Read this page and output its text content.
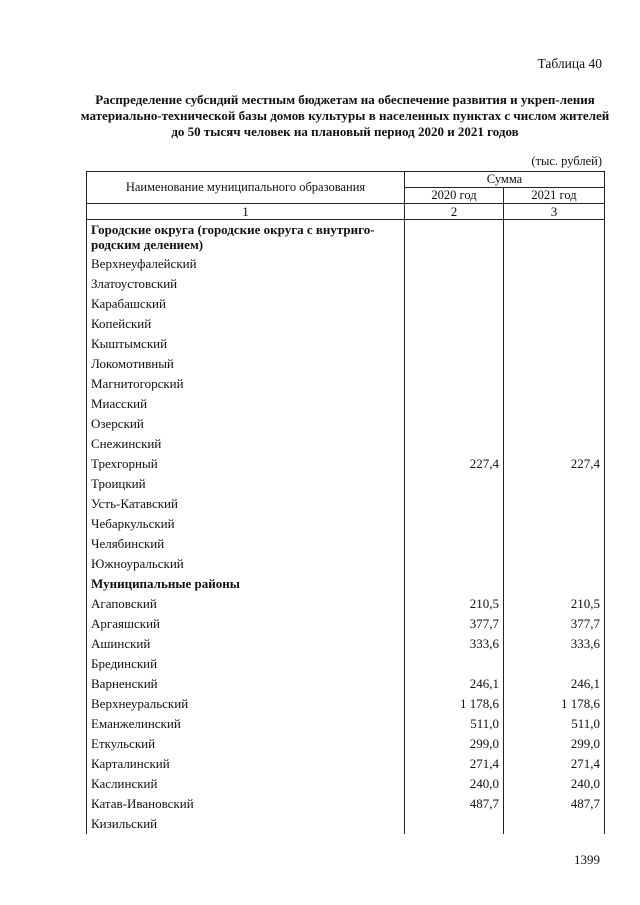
Таблица 40
Распределение субсидий местным бюджетам на обеспечение развития и укреп-ления материально-технической базы домов культуры в населенных пунктах с числом жителей до 50 тысяч человек на плановый период 2020 и 2021 годов
(тыс. рублей)
Наименование муниципального образования	Сумма	
	2020 год	2021 год
1	2	3
Городские округа (городские округа с внутриго-родским делением)		
Верхнеуфалейский		
Златоустовский		
Карабашский		
Копейский		
Кыштымский		
Локомотивный		
Магнитогорский		
Миасский		
Озерский		
Снежинский		
Трехгорный	227,4	227,4
Троицкий		
Усть-Катавский		
Чебаркульский		
Челябинский		
Южноуральский		
Муниципальные районы		
Агаповский	210,5	210,5
Аргаяшский	377,7	377,7
Ашинский	333,6	333,6
Брединский		
Варненский	246,1	246,1
Верхнеуральский	1 178,6	1 178,6
Еманжелинский	511,0	511,0
Еткульский	299,0	299,0
Карталинский	271,4	271,4
Каслинский	240,0	240,0
Катав-Ивановский	487,7	487,7
Кизильский		
1399
